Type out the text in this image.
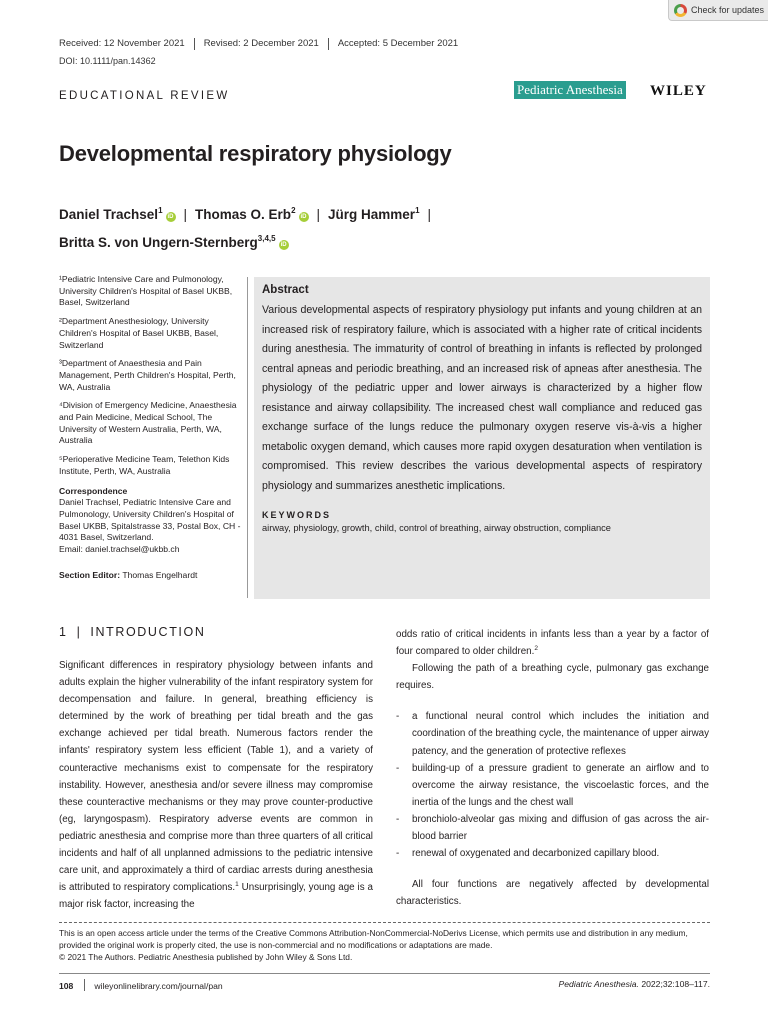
Check for updates
Received: 12 November 2021	Revised: 2 December 2021	Accepted: 5 December 2021
DOI: 10.1111/pan.14362
EDUCATIONAL REVIEW	Pediatric Anesthesia WILEY
Developmental respiratory physiology
Daniel Trachsel$^1$iD | Thomas O. Erb$^2$iD | Jürg Hammer$^1$ |
Britta S. von Ungern-Sternberg$^{3,4,5}$iD
¹Pediatric Intensive Care and Pulmonology, University Children's Hospital of Basel UKBB, Basel, Switzerland
²Department Anesthesiology, University Children's Hospital of Basel UKBB, Basel, Switzerland
³Department of Anaesthesia and Pain Management, Perth Children's Hospital, Perth, WA, Australia
⁴Division of Emergency Medicine, Anaesthesia and Pain Medicine, Medical School, The University of Western Australia, Perth, WA, Australia
⁵Perioperative Medicine Team, Telethon Kids Institute, Perth, WA, Australia
Correspondence
Daniel Trachsel, Pediatric Intensive Care and Pulmonology, University Children's Hospital of Basel UKBB, Spitalstrasse 33, Postal Box, CH - 4031 Basel, Switzerland.
Email: daniel.trachsel@ukbb.ch
Section Editor: Thomas Engelhardt
Abstract
Various developmental aspects of respiratory physiology put infants and young children at an increased risk of respiratory failure, which is associated with a higher rate of critical incidents during anesthesia. The immaturity of control of breathing in infants is reflected by prolonged central apneas and periodic breathing, and an increased risk of apneas after anesthesia. The physiology of the pediatric upper and lower airways is characterized by a higher flow resistance and airway collapsibility. The increased chest wall compliance and reduced gas exchange surface of the lungs reduce the pulmonary oxygen reserve vis-à-vis a higher metabolic oxygen demand, which causes more rapid oxygen desaturation when ventilation is compromised. This review describes the various developmental aspects of respiratory physiology and summarizes anesthetic implications.
KEYWORDS
airway, physiology, growth, child, control of breathing, airway obstruction, compliance
1 | INTRODUCTION

Significant differences in respiratory physiology between infants and adults explain the higher vulnerability of the infant respiratory system for decompensation and failure. In general, breathing efficiency is determined by the work of breathing per tidal breath and the gas exchange achieved per tidal breath. Numerous factors render the infants' respiratory system less efficient (Table 1), and a variety of counteractive mechanisms exist to compensate for the respiratory instability. However, anesthesia and/or severe illness may compromise these counteractive mechanisms or they may prove counter-productive (eg, laryngospasm). Respiratory adverse events are common in pediatric anesthesia and comprise more than three quarters of all critical incidents and half of all unplanned admissions to the pediatric intensive care unit, and approximately a third of cardiac arrests during anesthesia is attributed to respiratory complications.$^1$ Unsurprisingly, young age is a major risk factor, increasing the

odds ratio of critical incidents in infants less than a year by a factor of four compared to older children.$^2$

Following the path of a breathing cycle, pulmonary gas exchange requires.

- a functional neural control which includes the initiation and coordination of the breathing cycle, the maintenance of upper airway patency, and the generation of protective reflexes
- building-up of a pressure gradient to generate an airflow and to overcome the airway resistance, the viscoelastic forces, and the inertia of the lungs and the chest wall
- bronchiolo-alveolar gas mixing and diffusion of gas across the air-blood barrier
- renewal of oxygenated and decarbonized capillary blood.

All four functions are negatively affected by developmental characteristics.

This is an open access article under the terms of the Creative Commons Attribution-NonCommercial-NoDerivs License, which permits use and distribution in any medium, provided the original work is properly cited, the use is non-commercial and no modifications or adaptations are made.
© 2021 The Authors. Pediatric Anesthesia published by John Wiley & Sons Ltd.
108 wileyonlinelibrary.com/journal/pan	Pediatric Anesthesia. 2022;32:108–117.
